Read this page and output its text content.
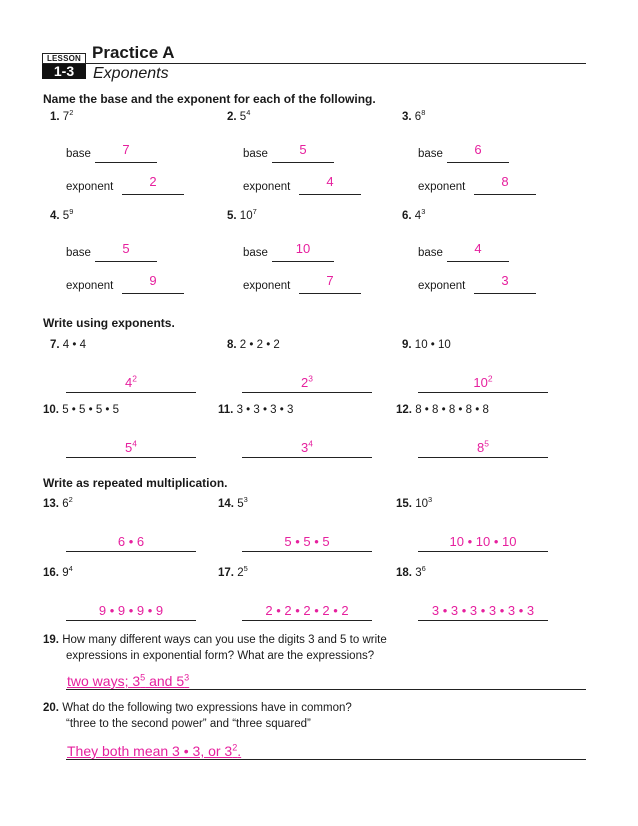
LESSON
1-3
Practice A
Exponents
Name the base and the exponent for each of the following.
1. $7^2$
base	7
exponent	2
2. $5^4$
base	5
exponent	4
3. $6^8$
base	6
exponent	8
4. $5^9$
base	5
exponent	9
5. $10^7$
base	10
exponent	7
6. $4^3$
base	4
exponent	3
Write using exponents.
7. 4 • 4
$4^2$
8. 2 • 2 • 2
$2^3$
9. 10 • 10
$10^2$
10. 5 • 5 • 5 • 5
$5^4$
11. 3 • 3 • 3 • 3
$3^4$
12. 8 • 8 • 8 • 8 • 8
$8^5$
Write as repeated multiplication.
13. $6^2$
6 • 6
14. $5^3$
5 • 5 • 5
15. $10^3$
10 • 10 • 10
16. $9^4$
9 • 9 • 9 • 9
17. $2^5$
2 • 2 • 2 • 2 • 2
18. $3^6$
3 • 3 • 3 • 3 • 3 • 3
19. How many different ways can you use the digits 3 and 5 to write
expressions in exponential form? What are the expressions?
two ways; $3^5$ and $5^3$
20. What do the following two expressions have in common?
“three to the second power” and “three squared”
They both mean 3 • 3, or $3^2$.
